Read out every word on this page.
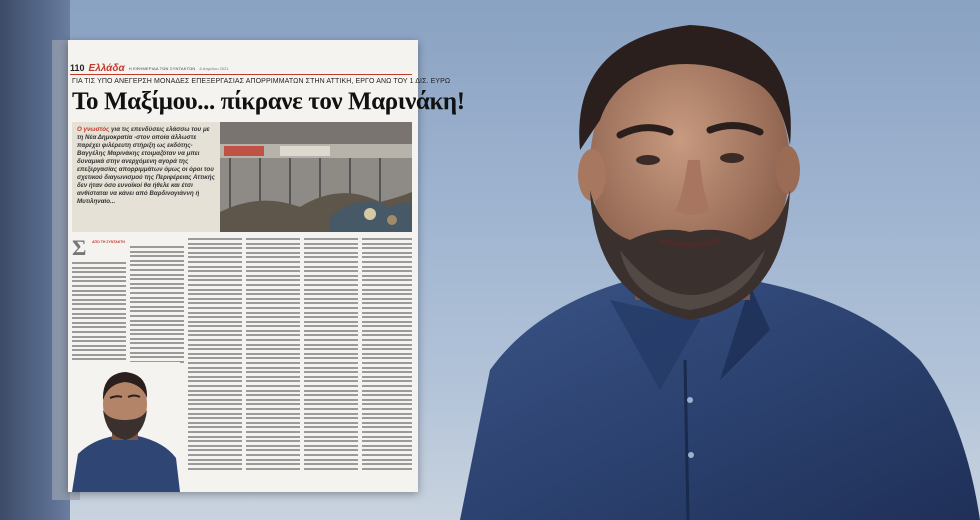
110 Ελλάδα Η ΕΦΗΜΕΡΙΔΑ ΤΩΝ ΣΥΝΤΑΚΤΩΝ 8 Απριλίου 2021
ΓΙΑ ΤΙΣ ΥΠΟ ΑΝΕΓΕΡΣΗ ΜΟΝΑΔΕΣ ΕΠΕΞΕΡΓΑΣΙΑΣ ΑΠΟΡΡΙΜΜΑΤΩΝ ΣΤΗΝ ΑΤΤΙΚΗ, ΕΡΓΟ ΑΝΩ ΤΟΥ 1 ΔΙΣ. ΕΥΡΩ
Το Μαξίμου... πίκρανε τον Μαρινάκη!
Ο γνωστός για τις επενδύσεις ελάσσω του με τη Νέα Δημοκρατία -στον οποία άλλωστε παρέχει φιλέρευτη στήριξη ως εκδότης- Βαγγέλης Μαρινάκης ετοιμαζόταν να μπει δυναμικά στην ανερχόμενη αγορά της επεξεργασίας απορριμμάτων όμως οι όροι του σχετικού διαγωνισμού της Περιφέρειας Αττικής δεν ήταν όσο ευνοϊκοί θα ήθελε και έτσι ανθίσταται να κάνει από Βαρδινογιάννη ή Μυτιληναίο...
Σ ΑΠΟ ΤΗ ΣΥΝΤΑΚΤΗ
